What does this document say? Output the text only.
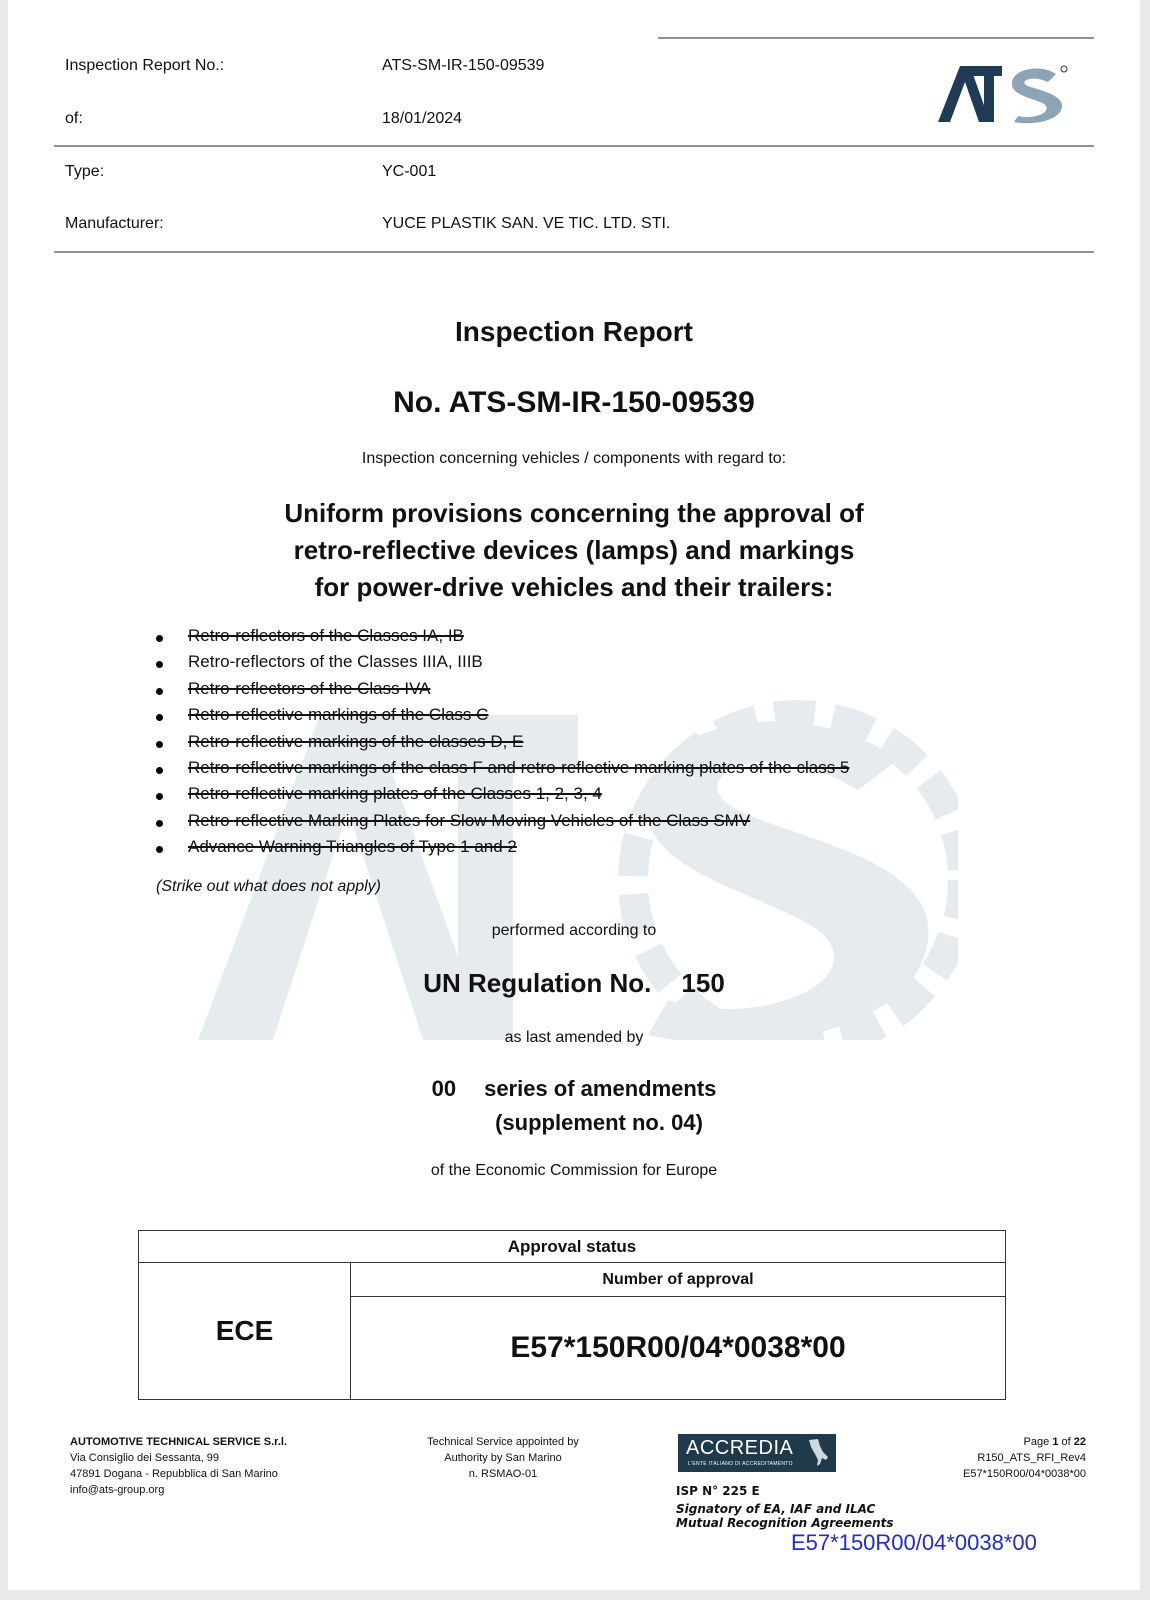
Inspection Report No.:	ATS-SM-IR-150-09539
of:	18/01/2024
Type:	YC-001
Manufacturer:	YUCE PLASTIK SAN. VE TIC. LTD. STI.
Inspection Report
No. ATS-SM-IR-150-09539
Inspection concerning vehicles / components with regard to:
Uniform provisions concerning the approval of
retro-reflective devices (lamps) and markings
for power-drive vehicles and their trailers:
Retro-reflectors of the Classes IA, IB
Retro-reflectors of the Classes IIIA, IIIB
Retro-reflectors of the Class IVA
Retro-reflective markings of the Class C
Retro-reflective markings of the classes D, E
Retro-reflective markings of the class F and retro-reflective marking plates of the class 5
Retro-reflective marking plates of the Classes 1, 2, 3, 4
Retro-reflective Marking Plates for Slow Moving Vehicles of the Class SMV
Advance Warning Triangles of Type 1 and 2
(Strike out what does not apply)
performed according to
UN Regulation No. 150
as last amended by
00 series of amendments
(supplement no. 04)
of the Economic Commission for Europe
Approval status
ECE	Number of approval
E57*150R00/04*0038*00
AUTOMOTIVE TECHNICAL SERVICE S.r.l.
Via Consiglio dei Sessanta, 99
47891 Dogana - Repubblica di San Marino
info@ats-group.org
Technical Service appointed by
Authority by San Marino
n. RSMAO-01
ACCREDIA
L'ENTE ITALIANO DI ACCREDITAMENTO
ISP N° 225 E
Signatory of EA, IAF and ILAC
Mutual Recognition Agreements
Page 1 of 22
R150_ATS_RFI_Rev4
E57*150R00/04*0038*00
E57*150R00/04*0038*00
